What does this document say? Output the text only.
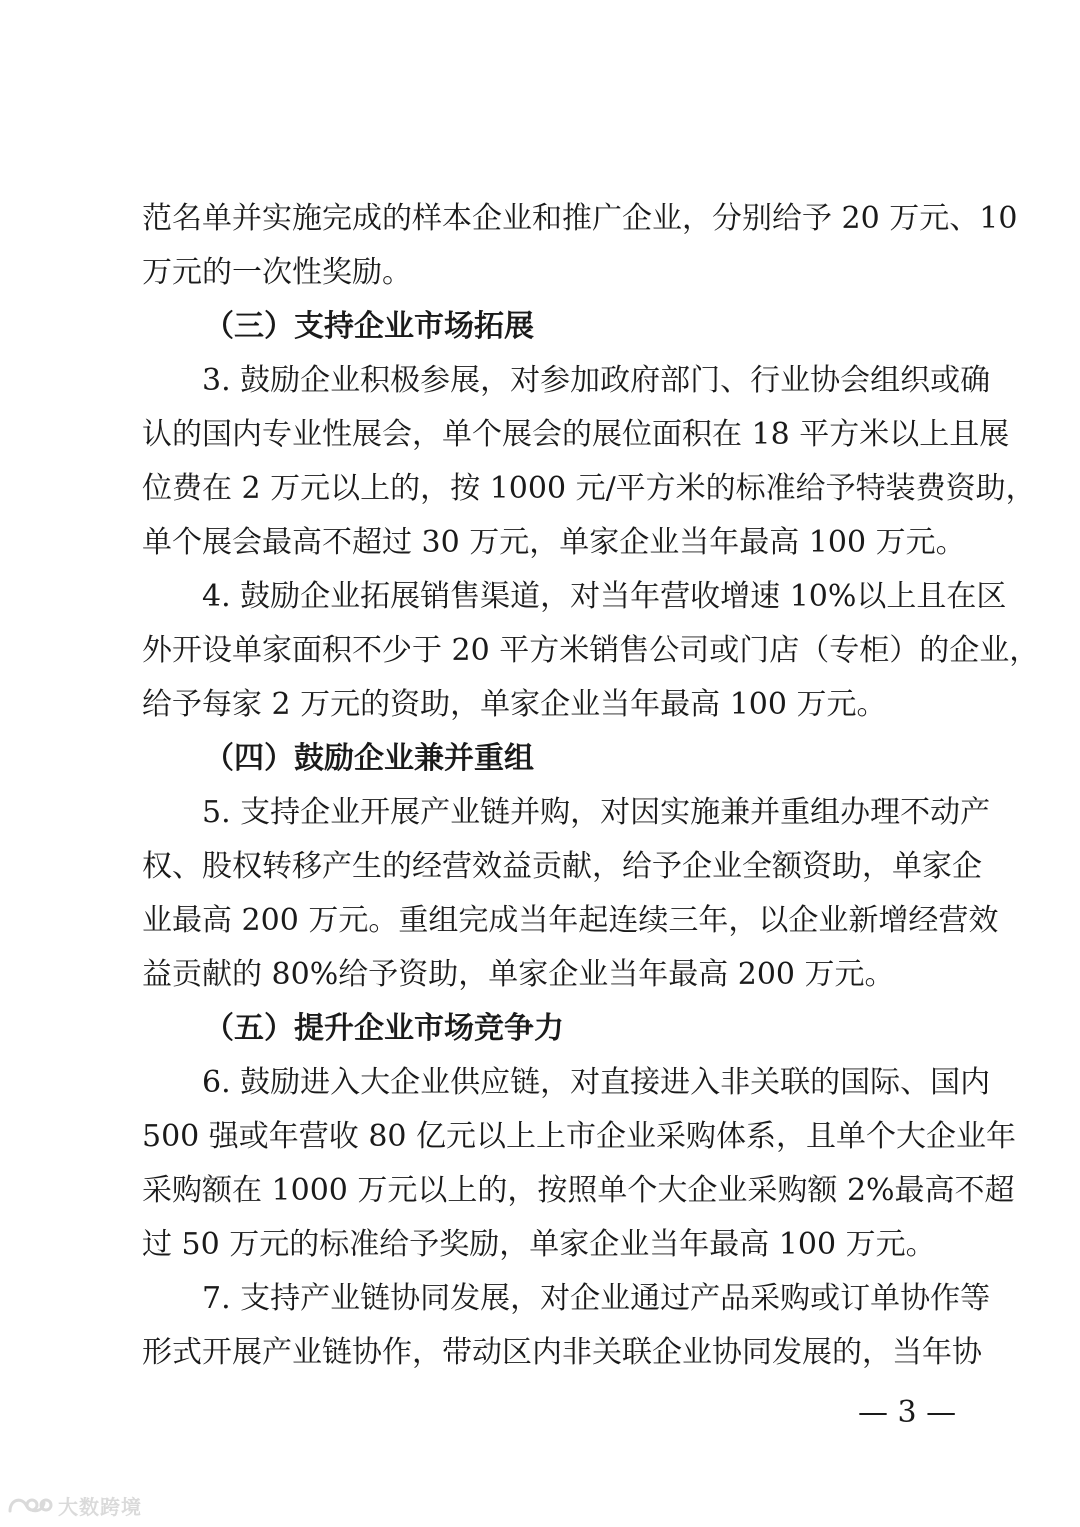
范名单并实施完成的样本企业和推广企业，分别给予 20 万元、10
万元的一次性奖励。
（三）支持企业市场拓展
3. 鼓励企业积极参展，对参加政府部门、行业协会组织或确
认的国内专业性展会，单个展会的展位面积在 18 平方米以上且展
位费在 2 万元以上的，按 1000 元/平方米的标准给予特装费资助，
单个展会最高不超过 30 万元，单家企业当年最高 100 万元。
4. 鼓励企业拓展销售渠道，对当年营收增速 10%以上且在区
外开设单家面积不少于 20 平方米销售公司或门店（专柜）的企业，
给予每家 2 万元的资助，单家企业当年最高 100 万元。
（四）鼓励企业兼并重组
5. 支持企业开展产业链并购，对因实施兼并重组办理不动产
权、股权转移产生的经营效益贡献，给予企业全额资助，单家企
业最高 200 万元。重组完成当年起连续三年，以企业新增经营效
益贡献的 80%给予资助，单家企业当年最高 200 万元。
（五）提升企业市场竞争力
6. 鼓励进入大企业供应链，对直接进入非关联的国际、国内
500 强或年营收 80 亿元以上上市企业采购体系，且单个大企业年
采购额在 1000 万元以上的，按照单个大企业采购额 2%最高不超
过 50 万元的标准给予奖励，单家企业当年最高 100 万元。
7. 支持产业链协同发展，对企业通过产品采购或订单协作等
形式开展产业链协作，带动区内非关联企业协同发展的，当年协
— 3 —
大数跨境
